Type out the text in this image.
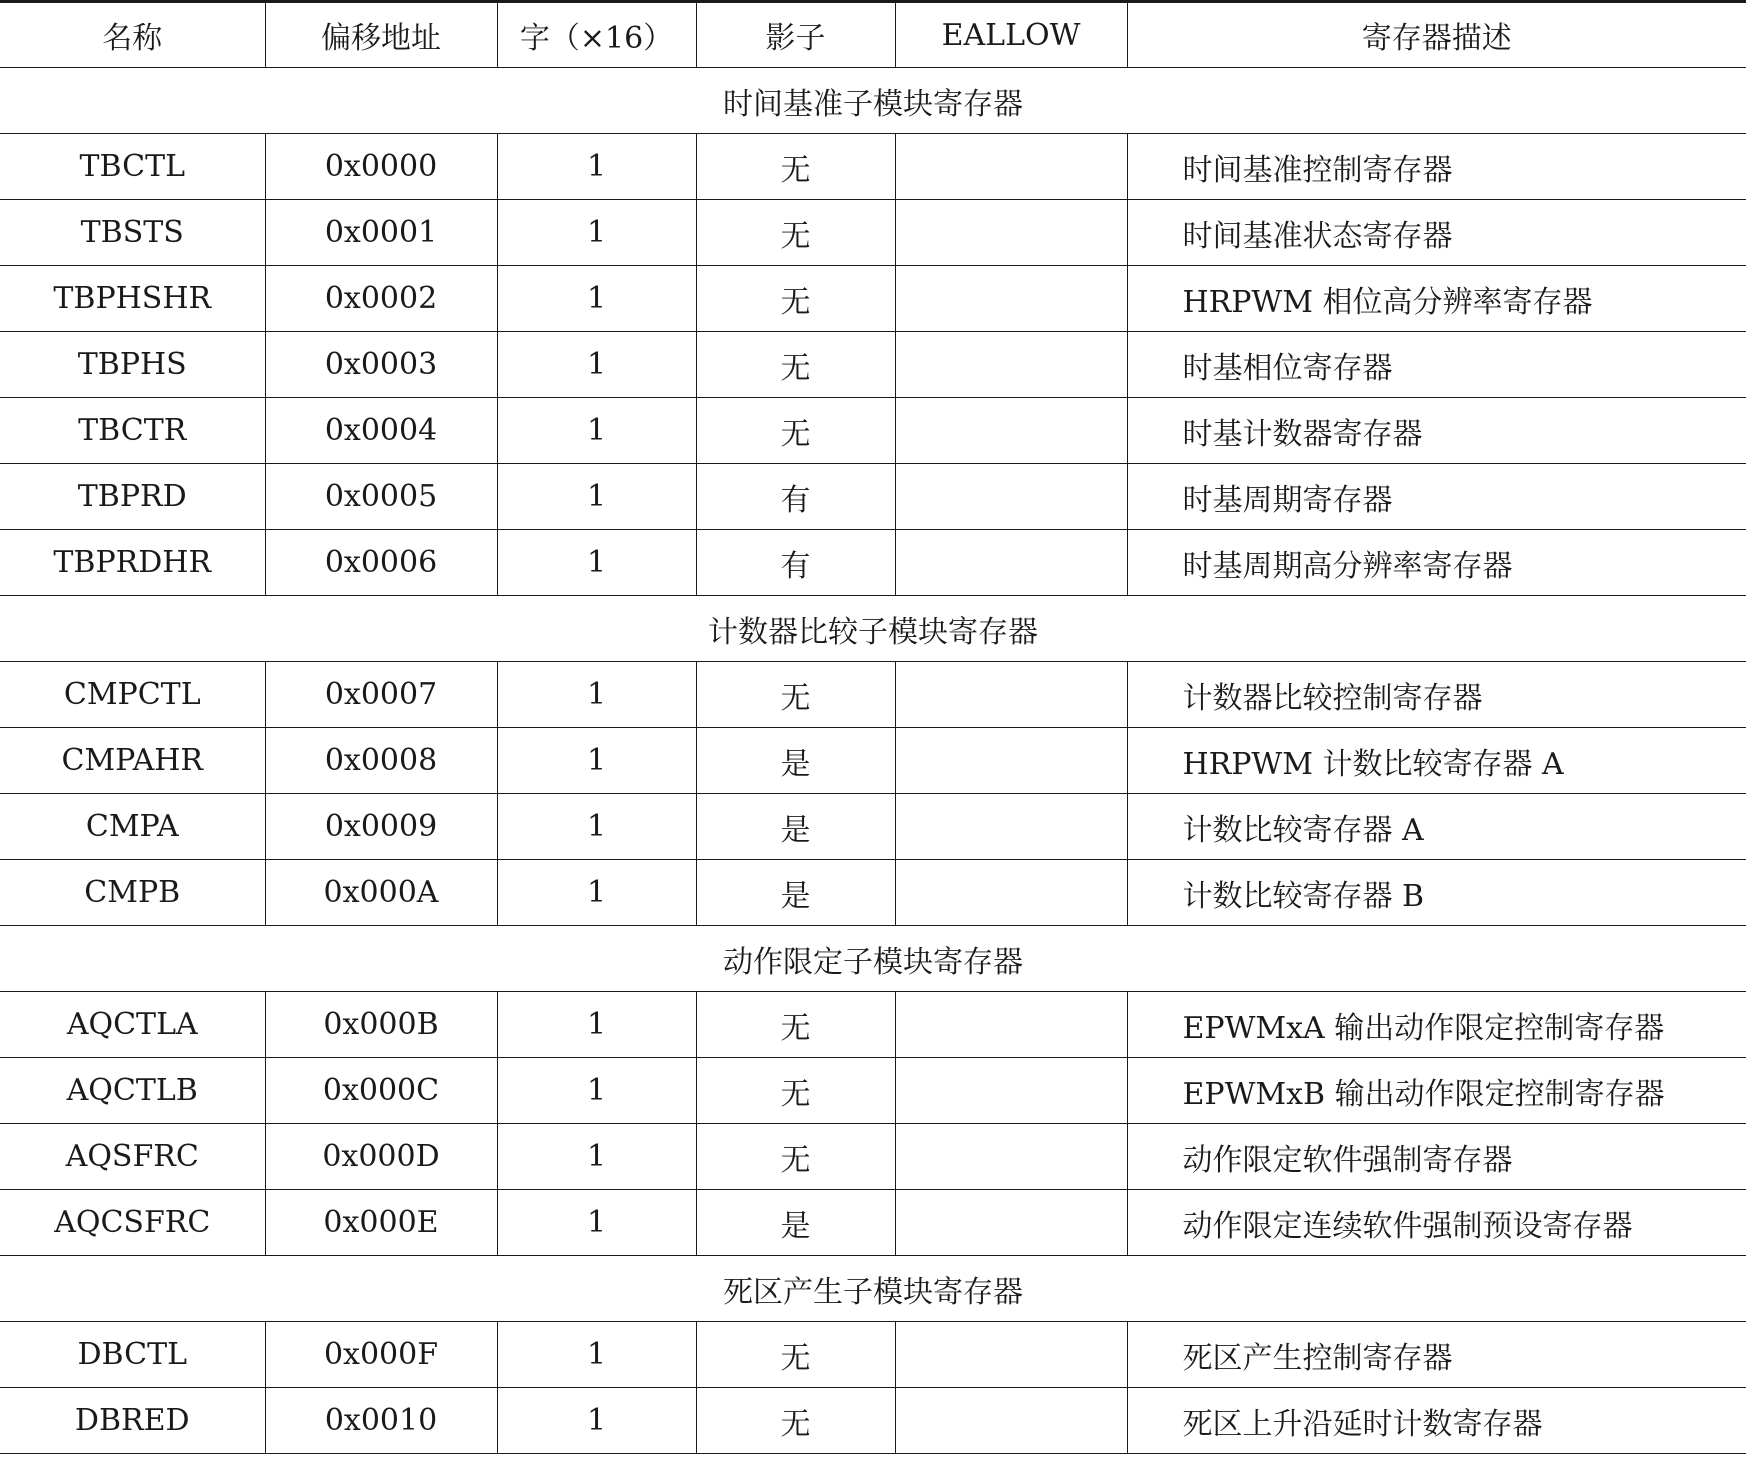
名称	偏移地址	字（×16）	影子	EALLOW	寄存器描述
时间基准子模块寄存器					
TBCTL	0x0000	1	无		时间基准控制寄存器
TBSTS	0x0001	1	无		时间基准状态寄存器
TBPHSHR	0x0002	1	无		HRPWM 相位高分辨率寄存器
TBPHS	0x0003	1	无		时基相位寄存器
TBCTR	0x0004	1	无		时基计数器寄存器
TBPRD	0x0005	1	有		时基周期寄存器
TBPRDHR	0x0006	1	有		时基周期高分辨率寄存器
计数器比较子模块寄存器					
CMPCTL	0x0007	1	无		计数器比较控制寄存器
CMPAHR	0x0008	1	是		HRPWM 计数比较寄存器 A
CMPA	0x0009	1	是		计数比较寄存器 A
CMPB	0x000A	1	是		计数比较寄存器 B
动作限定子模块寄存器					
AQCTLA	0x000B	1	无		EPWMxA 输出动作限定控制寄存器
AQCTLB	0x000C	1	无		EPWMxB 输出动作限定控制寄存器
AQSFRC	0x000D	1	无		动作限定软件强制寄存器
AQCSFRC	0x000E	1	是		动作限定连续软件强制预设寄存器
死区产生子模块寄存器					
DBCTL	0x000F	1	无		死区产生控制寄存器
DBRED	0x0010	1	无		死区上升沿延时计数寄存器
